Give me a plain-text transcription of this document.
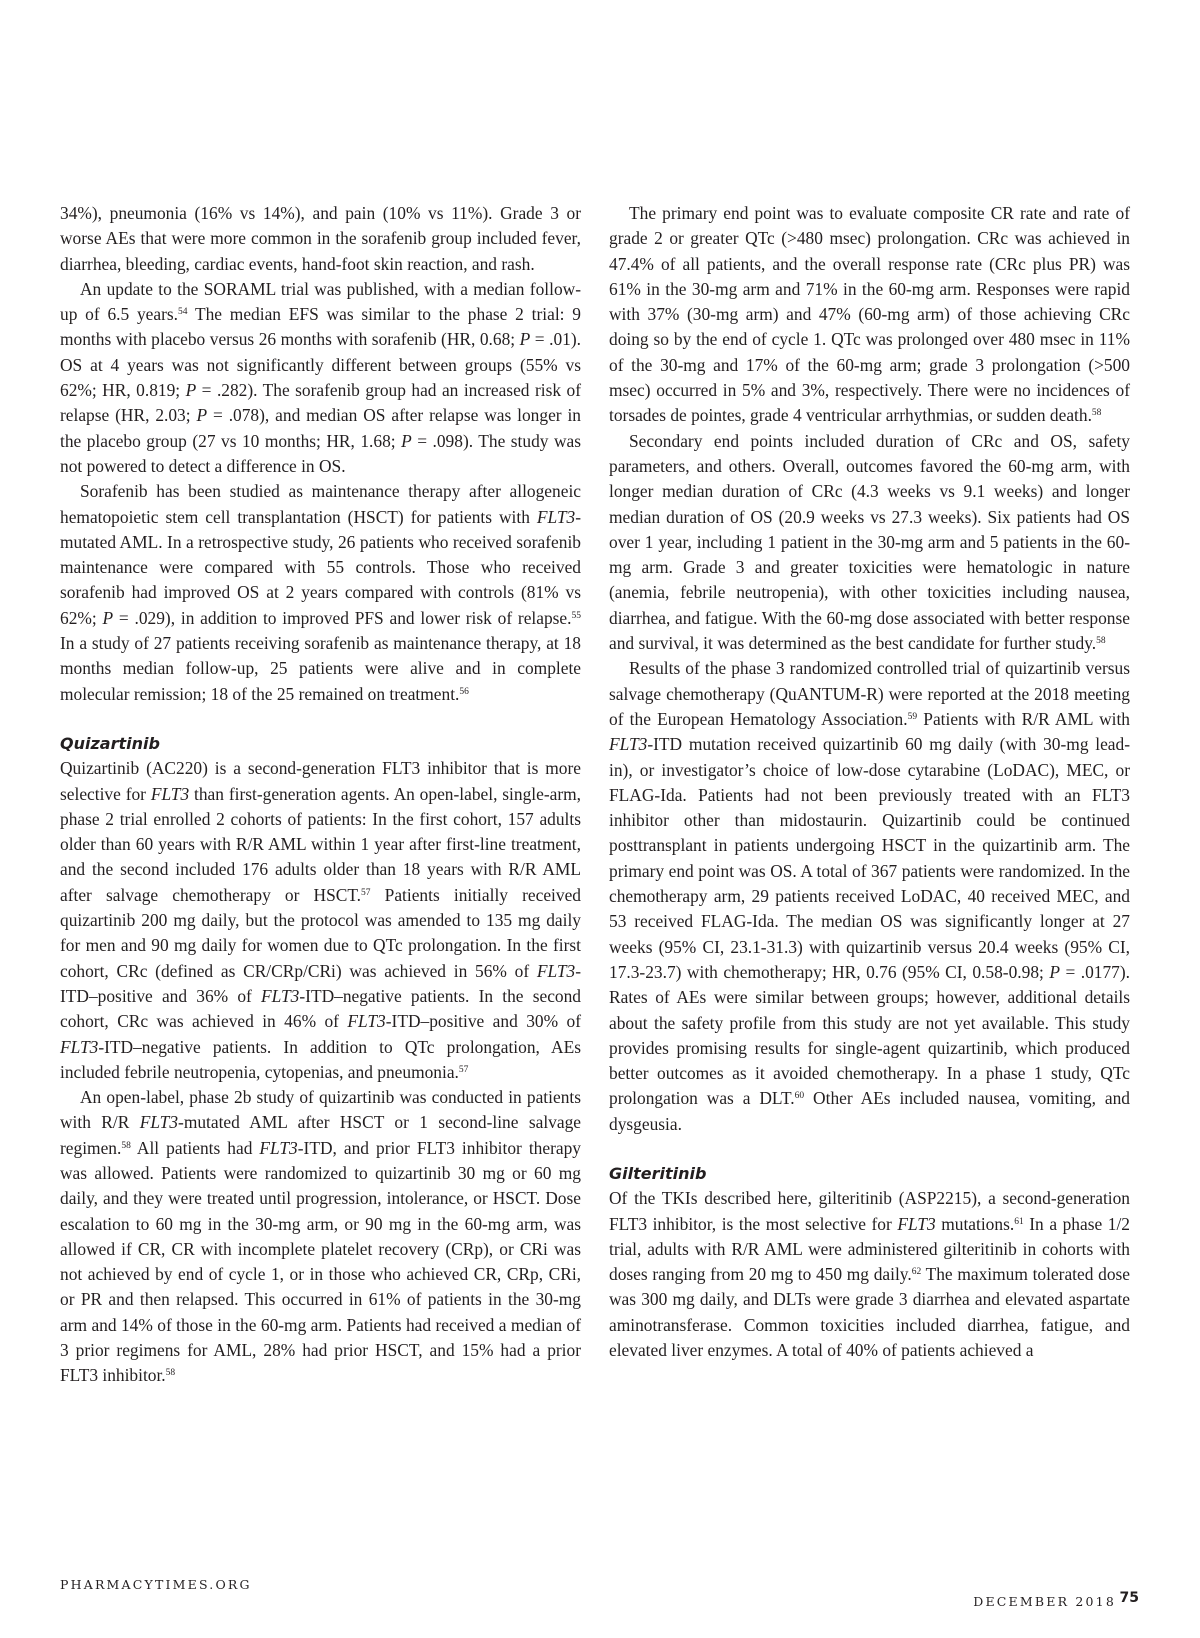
34%), pneumonia (16% vs 14%), and pain (10% vs 11%). Grade 3 or worse AEs that were more common in the sorafenib group included fever, diarrhea, bleeding, cardiac events, hand-foot skin reaction, and rash.

An update to the SORAML trial was published, with a median follow-up of 6.5 years.$^{54}$ The median EFS was similar to the phase 2 trial: 9 months with placebo versus 26 months with sorafenib (HR, 0.68; P = .01). OS at 4 years was not significantly different between groups (55% vs 62%; HR, 0.819; P = .282). The sorafenib group had an increased risk of relapse (HR, 2.03; P = .078), and median OS after relapse was longer in the placebo group (27 vs 10 months; HR, 1.68; P = .098). The study was not powered to detect a difference in OS.

Sorafenib has been studied as maintenance therapy after allogeneic hematopoietic stem cell transplantation (HSCT) for patients with FLT3-mutated AML. In a retrospective study, 26 patients who received sorafenib maintenance were compared with 55 controls. Those who received sorafenib had improved OS at 2 years compared with controls (81% vs 62%; P = .029), in addition to improved PFS and lower risk of relapse.$^{55}$ In a study of 27 patients receiving sorafenib as maintenance therapy, at 18 months median follow-up, 25 patients were alive and in complete molecular remission; 18 of the 25 remained on treatment.$^{56}$

Quizartinib

Quizartinib (AC220) is a second-generation FLT3 inhibitor that is more selective for FLT3 than first-generation agents. An open-label, single-arm, phase 2 trial enrolled 2 cohorts of patients: In the first cohort, 157 adults older than 60 years with R/R AML within 1 year after first-line treatment, and the second included 176 adults older than 18 years with R/R AML after salvage chemotherapy or HSCT.$^{57}$ Patients initially received quizartinib 200 mg daily, but the protocol was amended to 135 mg daily for men and 90 mg daily for women due to QTc prolongation. In the first cohort, CRc (defined as CR/CRp/CRi) was achieved in 56% of FLT3-ITD–positive and 36% of FLT3-ITD–negative patients. In the second cohort, CRc was achieved in 46% of FLT3-ITD–positive and 30% of FLT3-ITD–negative patients. In addition to QTc prolongation, AEs included febrile neutropenia, cytopenias, and pneumonia.$^{57}$

An open-label, phase 2b study of quizartinib was conducted in patients with R/R FLT3-mutated AML after HSCT or 1 second-line salvage regimen.$^{58}$ All patients had FLT3-ITD, and prior FLT3 inhibitor therapy was allowed. Patients were randomized to quizartinib 30 mg or 60 mg daily, and they were treated until progression, intolerance, or HSCT. Dose escalation to 60 mg in the 30-mg arm, or 90 mg in the 60-mg arm, was allowed if CR, CR with incomplete platelet recovery (CRp), or CRi was not achieved by end of cycle 1, or in those who achieved CR, CRp, CRi, or PR and then relapsed. This occurred in 61% of patients in the 30-mg arm and 14% of those in the 60-mg arm. Patients had received a median of 3 prior regimens for AML, 28% had prior HSCT, and 15% had a prior FLT3 inhibitor.$^{58}$

The primary end point was to evaluate composite CR rate and rate of grade 2 or greater QTc (>480 msec) prolongation. CRc was achieved in 47.4% of all patients, and the overall response rate (CRc plus PR) was 61% in the 30-mg arm and 71% in the 60-mg arm. Responses were rapid with 37% (30-mg arm) and 47% (60-mg arm) of those achieving CRc doing so by the end of cycle 1. QTc was prolonged over 480 msec in 11% of the 30-mg and 17% of the 60-mg arm; grade 3 prolongation (>500 msec) occurred in 5% and 3%, respectively. There were no incidences of torsades de pointes, grade 4 ventricular arrhythmias, or sudden death.$^{58}$

Secondary end points included duration of CRc and OS, safety parameters, and others. Overall, outcomes favored the 60-mg arm, with longer median duration of CRc (4.3 weeks vs 9.1 weeks) and longer median duration of OS (20.9 weeks vs 27.3 weeks). Six patients had OS over 1 year, including 1 patient in the 30-mg arm and 5 patients in the 60-mg arm. Grade 3 and greater toxicities were hematologic in nature (anemia, febrile neutropenia), with other toxicities including nausea, diarrhea, and fatigue. With the 60-mg dose associated with better response and survival, it was determined as the best candidate for further study.$^{58}$

Results of the phase 3 randomized controlled trial of quizartinib versus salvage chemotherapy (QuANTUM-R) were reported at the 2018 meeting of the European Hematology Association.$^{59}$ Patients with R/R AML with FLT3-ITD mutation received quizartinib 60 mg daily (with 30-mg lead-in), or investigator’s choice of low-dose cytarabine (LoDAC), MEC, or FLAG-Ida. Patients had not been previously treated with an FLT3 inhibitor other than midostaurin. Quizartinib could be continued posttransplant in patients undergoing HSCT in the quizartinib arm. The primary end point was OS. A total of 367 patients were randomized. In the chemotherapy arm, 29 patients received LoDAC, 40 received MEC, and 53 received FLAG-Ida. The median OS was significantly longer at 27 weeks (95% CI, 23.1-31.3) with quizartinib versus 20.4 weeks (95% CI, 17.3-23.7) with chemotherapy; HR, 0.76 (95% CI, 0.58-0.98; P = .0177). Rates of AEs were similar between groups; however, additional details about the safety profile from this study are not yet available. This study provides promising results for single-agent quizartinib, which produced better outcomes as it avoided chemotherapy. In a phase 1 study, QTc prolongation was a DLT.$^{60}$ Other AEs included nausea, vomiting, and dysgeusia.

Gilteritinib

Of the TKIs described here, gilteritinib (ASP2215), a second-generation FLT3 inhibitor, is the most selective for FLT3 mutations.$^{61}$ In a phase 1/2 trial, adults with R/R AML were administered gilteritinib in cohorts with doses ranging from 20 mg to 450 mg daily.$^{62}$ The maximum tolerated dose was 300 mg daily, and DLTs were grade 3 diarrhea and elevated aspartate aminotransferase. Common toxicities included diarrhea, fatigue, and elevated liver enzymes. A total of 40% of patients achieved a

PHARMACYTIMES.ORG
DECEMBER 2018 75
